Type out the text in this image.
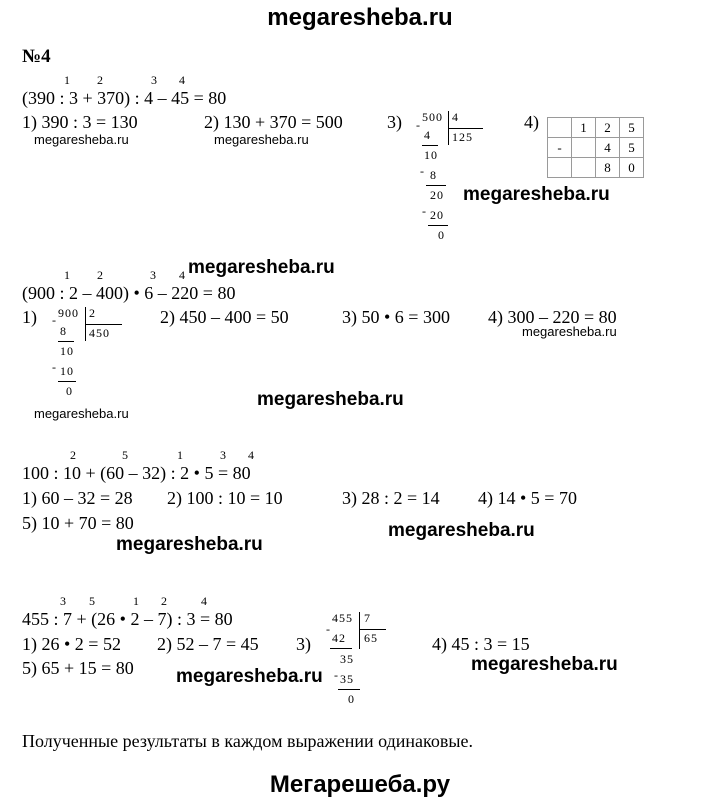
megaresheba.ru
№4
1 2	3 4
(390 : 3 + 370) : 4 – 45 = 80
1) 390 : 3 = 130	2) 130 + 370 = 500 3)	4)
megaresheba.ru	megaresheba.ru
-
500 4
125
4
10
- 8
20
- 20
0
	1	2	5
-		4	5
		8	0
megaresheba.ru
1 2	3 4 megaresheba.ru
(900 : 2 – 400) • 6 – 220 = 80
1) - 900 2
450
8
10
- 10
0
2) 450 – 400 = 50	3) 50 • 6 = 300 4) 300 – 220 = 80
megaresheba.ru
megaresheba.ru
megaresheba.ru
2	5	1	3 4
100 : 10 + (60 – 32) : 2 • 5 = 80
1) 60 – 32 = 28 2) 100 : 10 = 10	3) 28 : 2 = 14 4) 14 • 5 = 70
5) 10 + 70 = 80	megaresheba.ru
megaresheba.ru
3 5	1 2	4
455 : 7 + (26 • 2 – 7) : 3 = 80
1) 26 • 2 = 52 2) 52 – 7 = 45 3)	4) 45 : 3 = 15
5) 65 + 15 = 80
-
455 7
65
42
35
- 35
0
megaresheba.ru
megaresheba.ru
Полученные результаты в каждом выражении одинаковые.
Мегарешеба.ру
